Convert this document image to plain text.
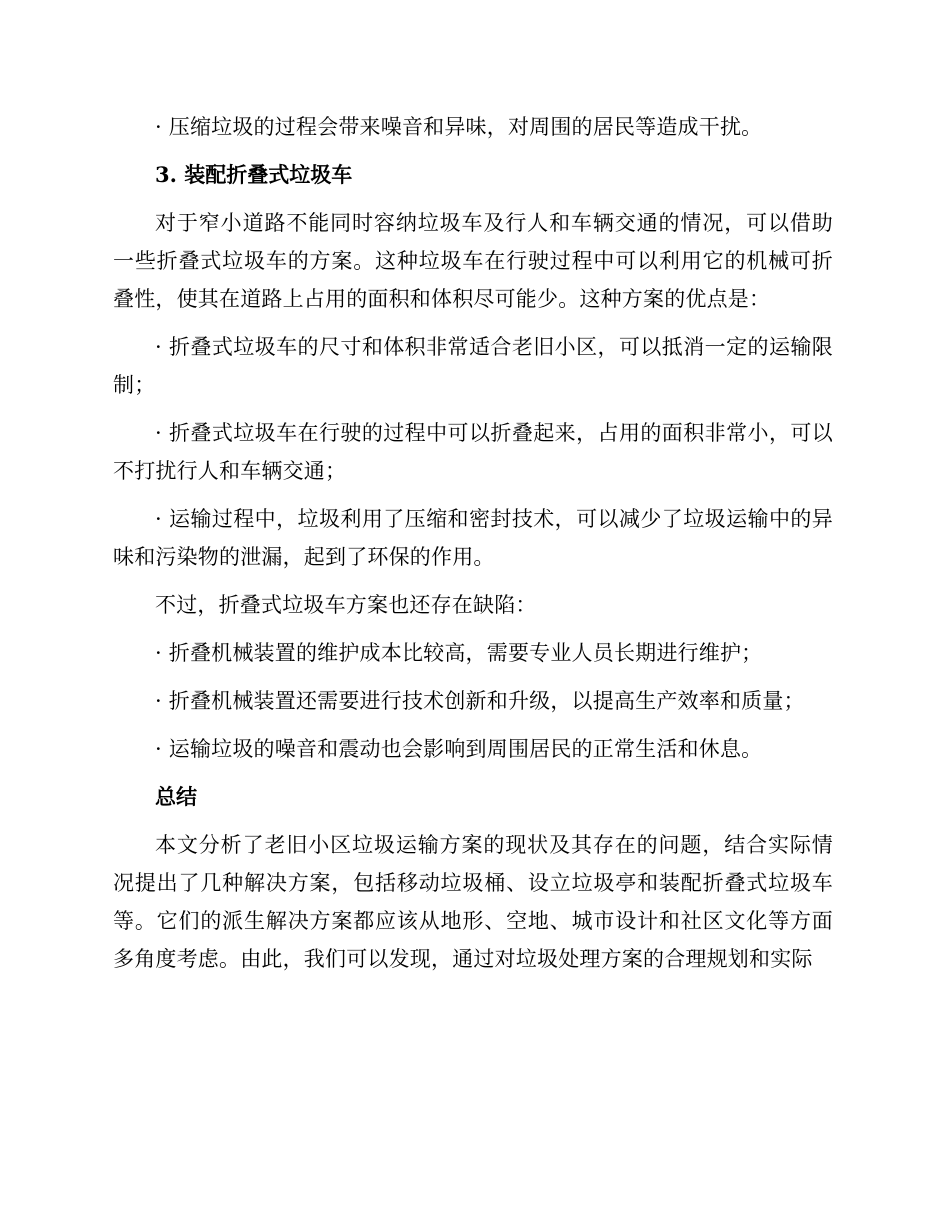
· 压缩垃圾的过程会带来噪音和异味，对周围的居民等造成干扰。

3. 装配折叠式垃圾车

对于窄小道路不能同时容纳垃圾车及行人和车辆交通的情况，可以借助一些折叠式垃圾车的方案。这种垃圾车在行驶过程中可以利用它的机械可折叠性，使其在道路上占用的面积和体积尽可能少。这种方案的优点是：

· 折叠式垃圾车的尺寸和体积非常适合老旧小区，可以抵消一定的运输限制；

· 折叠式垃圾车在行驶的过程中可以折叠起来，占用的面积非常小，可以不打扰行人和车辆交通；

· 运输过程中，垃圾利用了压缩和密封技术，可以减少了垃圾运输中的异味和污染物的泄漏，起到了环保的作用。

不过，折叠式垃圾车方案也还存在缺陷：

· 折叠机械装置的维护成本比较高，需要专业人员长期进行维护；

· 折叠机械装置还需要进行技术创新和升级，以提高生产效率和质量；

· 运输垃圾的噪音和震动也会影响到周围居民的正常生活和休息。

总结

本文分析了老旧小区垃圾运输方案的现状及其存在的问题，结合实际情况提出了几种解决方案，包括移动垃圾桶、设立垃圾亭和装配折叠式垃圾车等。它们的派生解决方案都应该从地形、空地、城市设计和社区文化等方面多角度考虑。由此，我们可以发现，通过对垃圾处理方案的合理规划和实际
